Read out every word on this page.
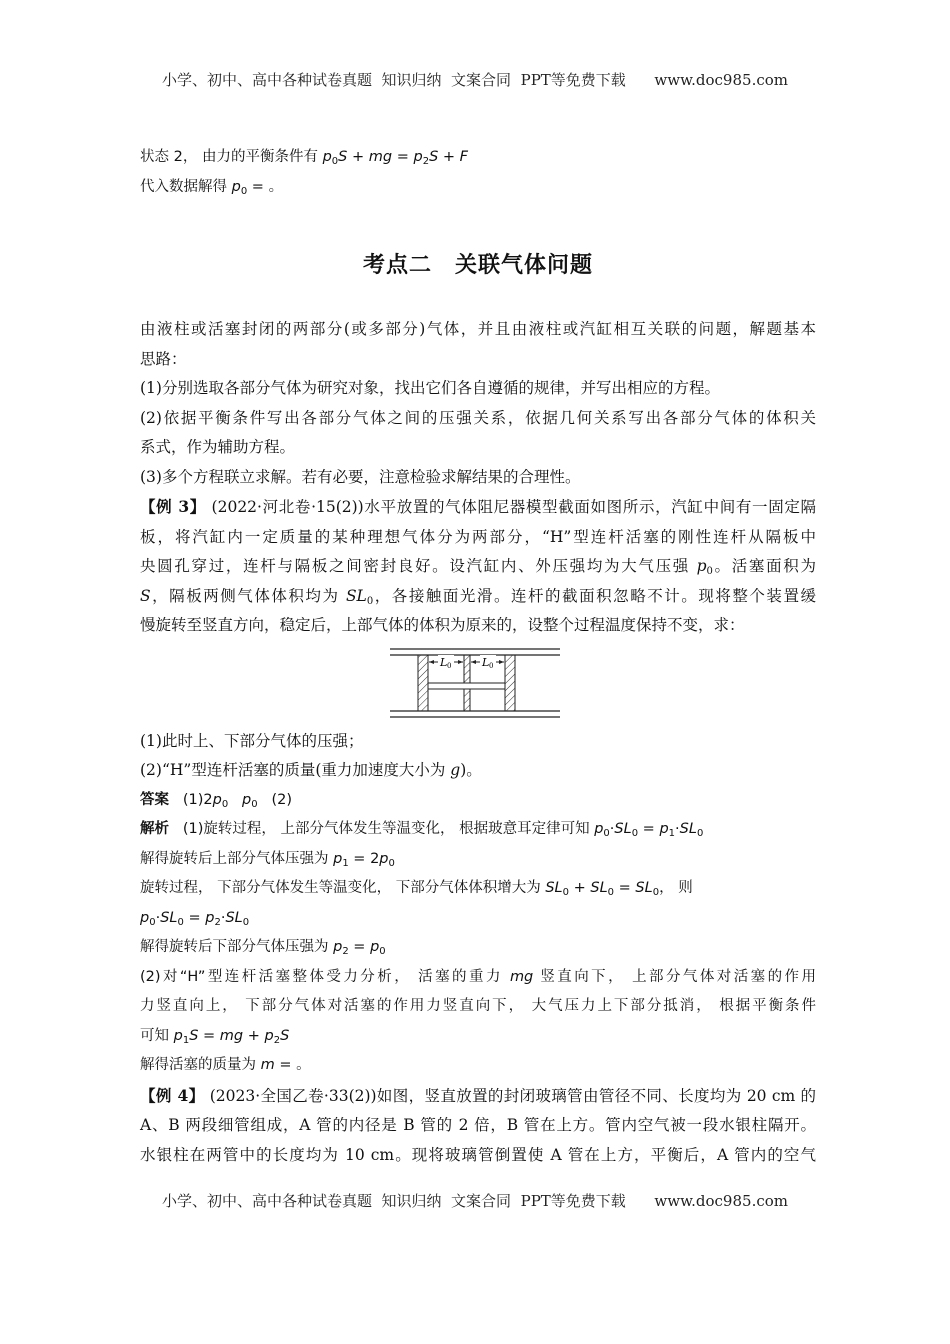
小学、初中、高中各种试卷真题  知识归纳  文案合同  PPT等免费下载      www.doc985.com
状态 2， 由力的平衡条件有 $p_0S$ + mg = $p_2S + F$
代入数据解得 $p_0$ = 。
考点二　关联气体问题
由液柱或活塞封闭的两部分(或多部分)气体，并且由液柱或汽缸相互关联的问题，解题基本
思路：
(1)分别选取各部分气体为研究对象，找出它们各自遵循的规律，并写出相应的方程。
(2)依据平衡条件写出各部分气体之间的压强关系，依据几何关系写出各部分气体的体积关
系式，作为辅助方程。
(3)多个方程联立求解。若有必要，注意检验求解结果的合理性。
【例 3】 (2022·河北卷·15(2))水平放置的气体阻尼器模型截面如图所示，汽缸中间有一固定隔
板，将汽缸内一定质量的某种理想气体分为两部分，“H”型连杆活塞的刚性连杆从隔板中
央圆孔穿过，连杆与隔板之间密封良好。设汽缸内、外压强均为大气压强 $p_0$。活塞面积为
S，隔板两侧气体体积均为 $SL_0$，各接触面光滑。连杆的截面积忽略不计。现将整个装置缓
慢旋转至竖直方向，稳定后，上部气体的体积为原来的，设整个过程温度保持不变，求：
L 0	L 0
(1)此时上、下部分气体的压强；
(2)“H”型连杆活塞的质量(重力加速度大小为 g)。
答案 $(1)2p_0$ $p_0$ (2)
解析 (1)旋转过程， 上部分气体发生等温变化， 根据玻意耳定律可知 $p_0\cdot SL_0 = p_1\cdot SL_0$
解得旋转后上部分气体压强为 $p_1 = 2p_0$
旋转过程， 下部分气体发生等温变化， 下部分气体体积增大为 $SL_0 + SL_0 = SL_0$， 则
$p_0\cdot SL_0 = p_2\cdot SL_0$
解得旋转后下部分气体压强为 $p_2 = p_0$
(2)对“H”型连杆活塞整体受力分析， 活塞的重力 mg 竖直向下， 上部分气体对活塞的作用
力竖直向上， 下部分气体对活塞的作用力竖直向下， 大气压力上下部分抵消， 根据平衡条件
可知 $p_1S$ = mg + $p_2S$
解得活塞的质量为 m = 。
【例 4】 (2023·全国乙卷·33(2))如图，竖直放置的封闭玻璃管由管径不同、长度均为 20 cm 的
A、B 两段细管组成，A 管的内径是 B 管的 2 倍，B 管在上方。管内空气被一段水银柱隔开。
水银柱在两管中的长度均为 10 cm。现将玻璃管倒置使 A 管在上方，平衡后，A 管内的空气
小学、初中、高中各种试卷真题  知识归纳  文案合同  PPT等免费下载      www.doc985.com
